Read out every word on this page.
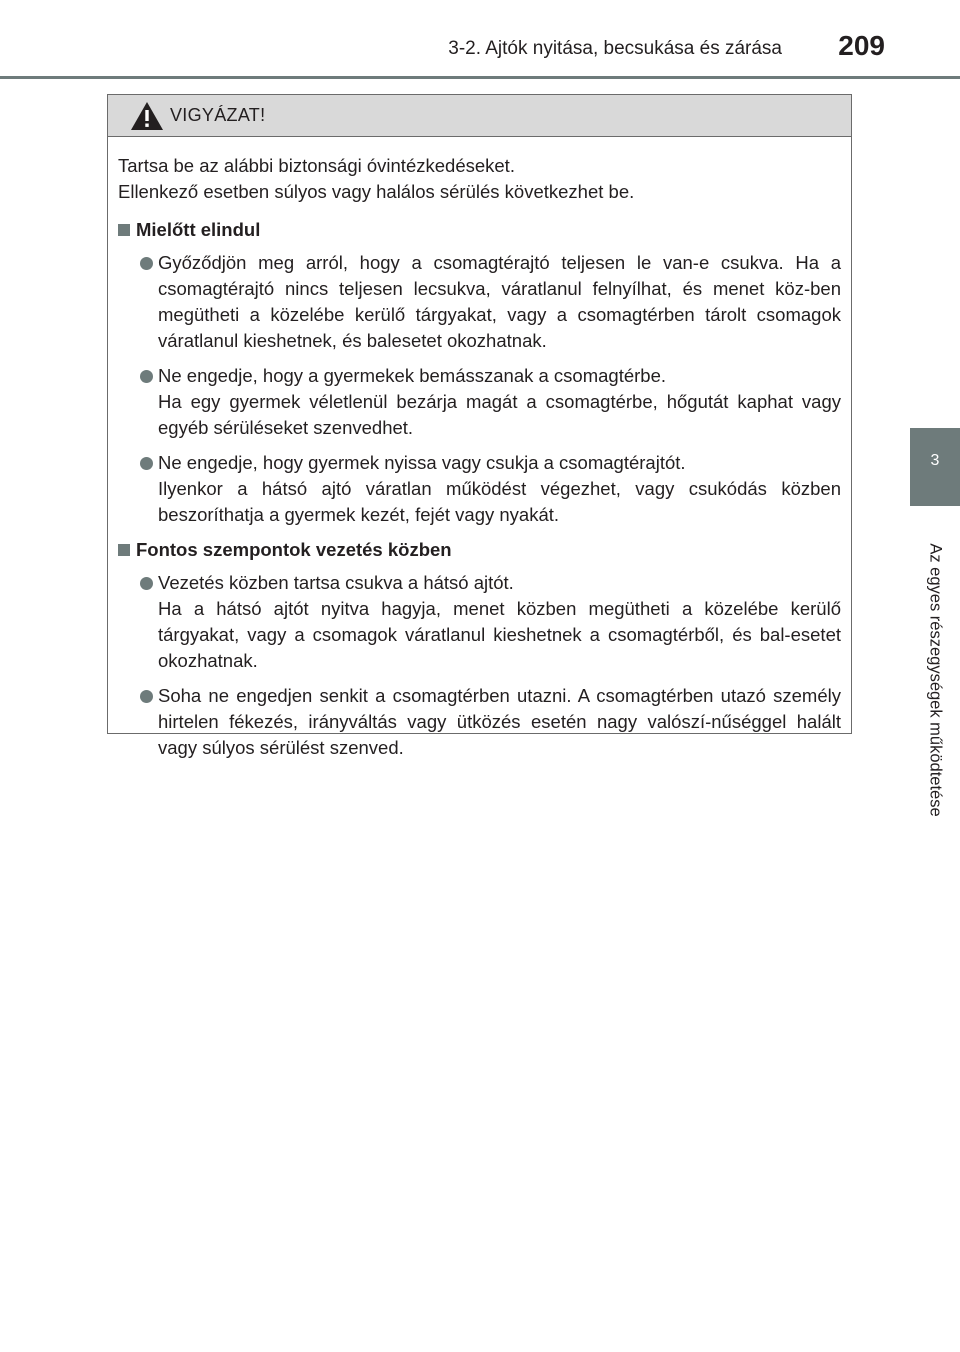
3-2. Ajtók nyitása, becsukása és zárása 209
3
Az egyes részegységek működtetése
VIGYÁZAT!

Tartsa be az alábbi biztonsági óvintézkedéseket.

Ellenkező esetben súlyos vagy halálos sérülés következhet be.

Mielőtt elindul

Győződjön meg arról, hogy a csomagtérajtó teljesen le van-e csukva. Ha a csomagtérajtó nincs teljesen lecsukva, váratlanul felnyílhat, és menet köz-ben megütheti a közelébe kerülő tárgyakat, vagy a csomagtérben tárolt csomagok váratlanul kieshetnek, és balesetet okozhatnak.

Ne engedje, hogy a gyermekek bemásszanak a csomagtérbe.

Ha egy gyermek véletlenül bezárja magát a csomagtérbe, hőgutát kaphat vagy egyéb sérüléseket szenvedhet.

Ne engedje, hogy gyermek nyissa vagy csukja a csomagtérajtót.

Ilyenkor a hátsó ajtó váratlan működést végezhet, vagy csukódás közben beszoríthatja a gyermek kezét, fejét vagy nyakát.

Fontos szempontok vezetés közben

Vezetés közben tartsa csukva a hátsó ajtót.

Ha a hátsó ajtót nyitva hagyja, menet közben megütheti a közelébe kerülő tárgyakat, vagy a csomagok váratlanul kieshetnek a csomagtérből, és bal-esetet okozhatnak.

Soha ne engedjen senkit a csomagtérben utazni. A csomagtérben utazó személy hirtelen fékezés, irányváltás vagy ütközés esetén nagy valószí-nűséggel halált vagy súlyos sérülést szenved.
